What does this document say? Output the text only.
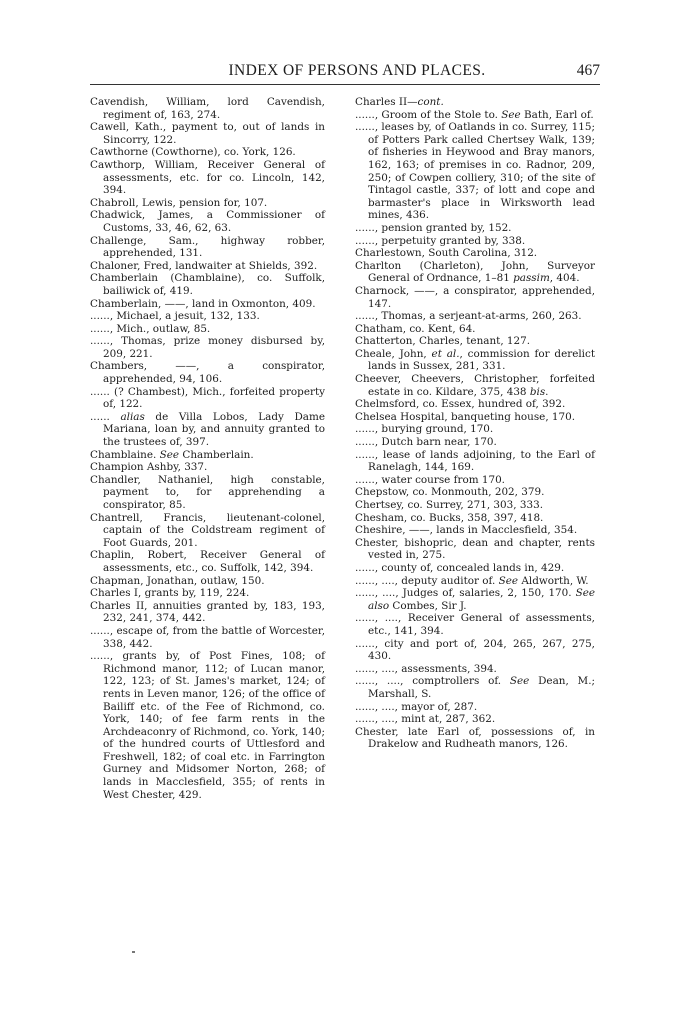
INDEX OF PERSONS AND PLACES.	467

Cavendish, William, lord Cavendish, regiment of, 163, 274.

Cawell, Kath., payment to, out of lands in Sincorry, 122.

Cawthorne (Cowthorne), co. York, 126.

Cawthorp, William, Receiver General of assessments, etc. for co. Lincoln, 142, 394.

Chabroll, Lewis, pension for, 107.

Chadwick, James, a Commissioner of Customs, 33, 46, 62, 63.

Challenge, Sam., highway robber, apprehended, 131.

Chaloner, Fred, landwaiter at Shields, 392.

Chamberlain (Chamblaine), co. Suffolk, bailiwick of, 419.

Chamberlain, ——, land in Oxmonton, 409.

......, Michael, a jesuit, 132, 133.

......, Mich., outlaw, 85.

......, Thomas, prize money disbursed by, 209, 221.

Chambers, ——, a conspirator, apprehended, 94, 106.

...... (? Chambest), Mich., forfeited property of, 122.

...... alias de Villa Lobos, Lady Dame Mariana, loan by, and annuity granted to the trustees of, 397.

Chamblaine. See Chamberlain.

Champion Ashby, 337.

Chandler, Nathaniel, high constable, payment to, for apprehending a conspirator, 85.

Chantrell, Francis, lieutenant-colonel, captain of the Coldstream regiment of Foot Guards, 201.

Chaplin, Robert, Receiver General of assessments, etc., co. Suffolk, 142, 394.

Chapman, Jonathan, outlaw, 150.

Charles I, grants by, 119, 224.

Charles II, annuities granted by, 183, 193, 232, 241, 374, 442.

......, escape of, from the battle of Worcester, 338, 442.

......, grants by, of Post Fines, 108; of Richmond manor, 112; of Lucan manor, 122, 123; of St. James's market, 124; of rents in Leven manor, 126; of the office of Bailiff etc. of the Fee of Richmond, co. York, 140; of fee farm rents in the Archdeaconry of Richmond, co. York, 140; of the hundred courts of Uttlesford and Freshwell, 182; of coal etc. in Farrington Gurney and Midsomer Norton, 268; of lands in Macclesfield, 355; of rents in West Chester, 429.

Charles II—cont.

......, Groom of the Stole to. See Bath, Earl of.

......, leases by, of Oatlands in co. Surrey, 115; of Potters Park called Chertsey Walk, 139; of fisheries in Heywood and Bray manors, 162, 163; of premises in co. Radnor, 209, 250; of Cowpen colliery, 310; of the site of Tintagol castle, 337; of lott and cope and barmaster's place in Wirksworth lead mines, 436.

......, pension granted by, 152.

......, perpetuity granted by, 338.

Charlestown, South Carolina, 312.

Charlton (Charleton), John, Surveyor General of Ordnance, 1–81 passim, 404.

Charnock, ——, a conspirator, apprehended, 147.

......, Thomas, a serjeant-at-arms, 260, 263.

Chatham, co. Kent, 64.

Chatterton, Charles, tenant, 127.

Cheale, John, et al., commission for derelict lands in Sussex, 281, 331.

Cheever, Cheevers, Christopher, forfeited estate in co. Kildare, 375, 438 bis.

Chelmsford, co. Essex, hundred of, 392.

Chelsea Hospital, banqueting house, 170.

......, burying ground, 170.

......, Dutch barn near, 170.

......, lease of lands adjoining, to the Earl of Ranelagh, 144, 169.

......, water course from 170.

Chepstow, co. Monmouth, 202, 379.

Chertsey, co. Surrey, 271, 303, 333.

Chesham, co. Bucks, 358, 397, 418.

Cheshire, ——, lands in Macclesfield, 354.

Chester, bishopric, dean and chapter, rents vested in, 275.

......, county of, concealed lands in, 429.

......, ...., deputy auditor of. See Aldworth, W.

......, ...., Judges of, salaries, 2, 150, 170. See also Combes, Sir J.

......, ...., Receiver General of assessments, etc., 141, 394.

......, city and port of, 204, 265, 267, 275, 430.

......, ...., assessments, 394.

......, ...., comptrollers of. See Dean, M.; Marshall, S.

......, ...., mayor of, 287.

......, ...., mint at, 287, 362.

Chester, late Earl of, possessions of, in Drakelow and Rudheath manors, 126.
